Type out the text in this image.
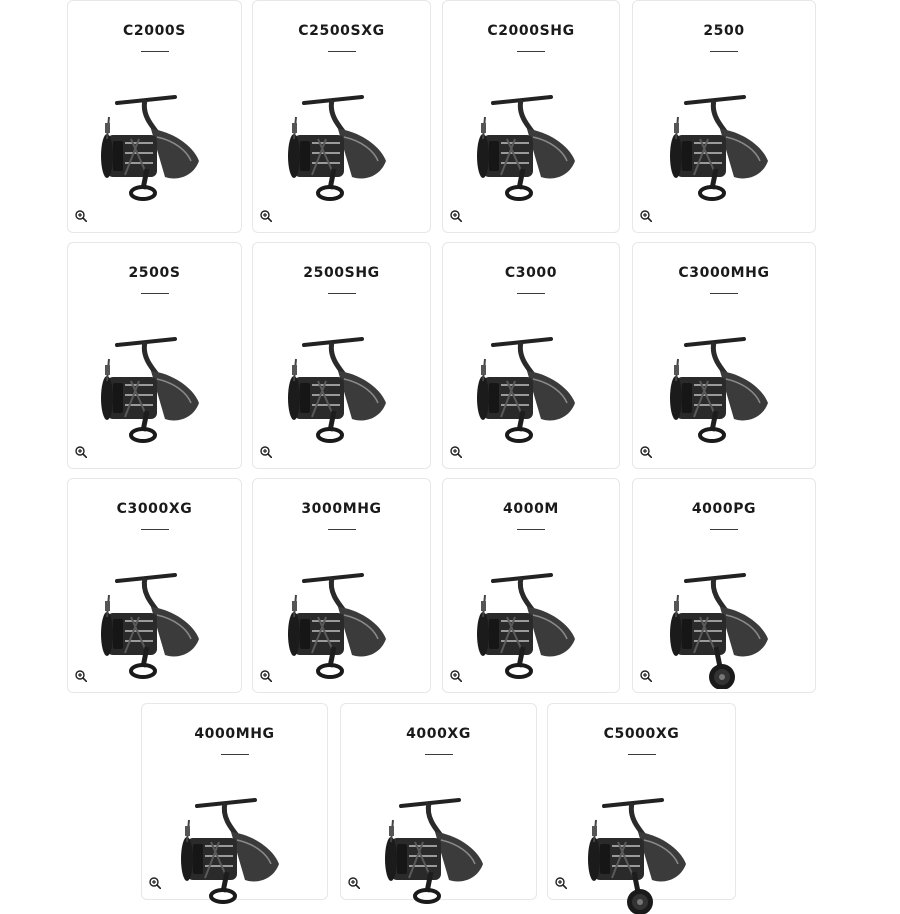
C2000S	C2500SXG	C2000SHG	2500
2500S	2500SHG	C3000	C3000MHG
C3000XG	3000MHG	4000M	4000PG
4000MHG	4000XG	C5000XG
